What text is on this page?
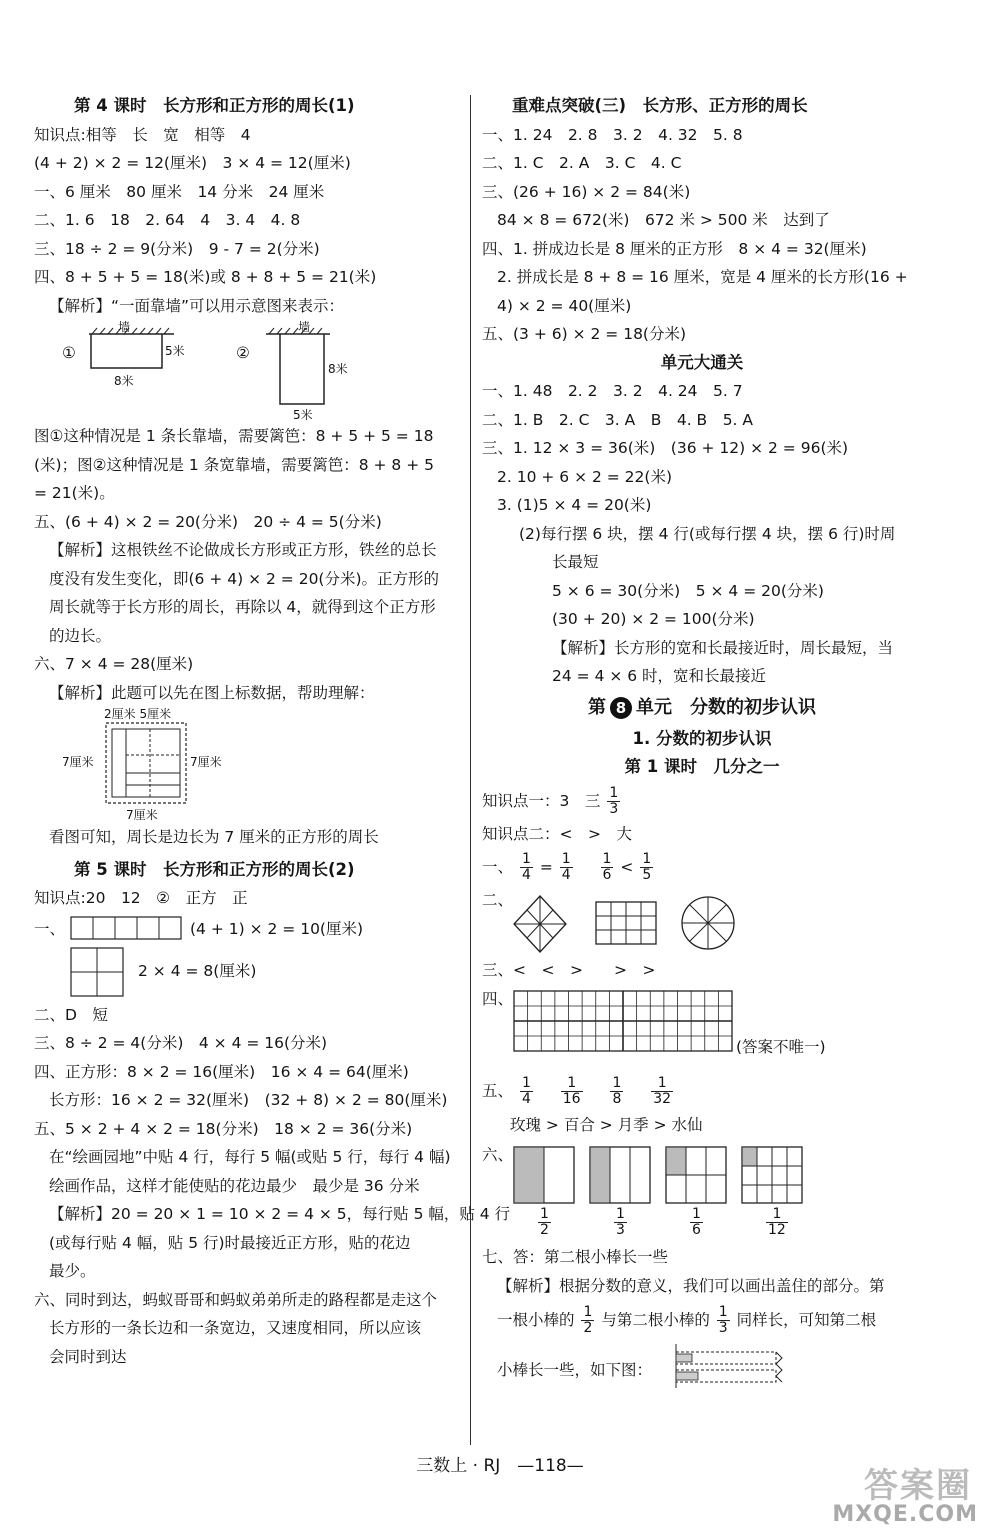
第 4 课时　长方形和正方形的周长(1)
知识点:相等　长　宽　相等　4
(4 + 2) × 2 = 12(厘米)　3 × 4 = 12(厘米)
一、6 厘米　80 厘米　14 分米　24 厘米
二、1. 6　18　2. 64　4　3. 4　4. 8
三、18 ÷ 2 = 9(分米)　9 - 7 = 2(分米)
四、8 + 5 + 5 = 18(米)或 8 + 8 + 5 = 21(米)
【解析】“一面靠墙”可以用示意图来表示：
墙	墙
①	②
5米
8米
8米
5米
图①这种情况是 1 条长靠墙，需要篱笆：8 + 5 + 5 = 18
(米)；图②这种情况是 1 条宽靠墙，需要篱笆：8 + 8 + 5
= 21(米)。
五、(6 + 4) × 2 = 20(分米)　20 ÷ 4 = 5(分米)
【解析】这根铁丝不论做成长方形或正方形，铁丝的总长
度没有发生变化，即(6 + 4) × 2 = 20(分米)。正方形的
周长就等于长方形的周长，再除以 4，就得到这个正方形
的边长。
六、7 × 4 = 28(厘米)
【解析】此题可以先在图上标数据，帮助理解：
2厘米 5厘米
7厘米	7厘米
7厘米
看图可知，周长是边长为 7 厘米的正方形的周长
第 5 课时　长方形和正方形的周长(2)
知识点:20　12　②　正方　正
一、	(4 + 1) × 2 = 10(厘米)
2 × 4 = 8(厘米)
二、D　短
三、8 ÷ 2 = 4(分米)　4 × 4 = 16(分米)
四、正方形：8 × 2 = 16(厘米)　16 × 4 = 64(厘米)
长方形：16 × 2 = 32(厘米)　(32 + 8) × 2 = 80(厘米)
五、5 × 2 + 4 × 2 = 18(分米)　18 × 2 = 36(分米)
在“绘画园地”中贴 4 行，每行 5 幅(或贴 5 行，每行 4 幅)
绘画作品，这样才能使贴的花边最少　最少是 36 分米
【解析】20 = 20 × 1 = 10 × 2 = 4 × 5，每行贴 5 幅，贴 4 行
(或每行贴 4 幅，贴 5 行)时最接近正方形，贴的花边
最少。
六、同时到达，蚂蚁哥哥和蚂蚁弟弟所走的路程都是走这个
长方形的一条长边和一条宽边，又速度相同，所以应该
会同时到达
重难点突破(三)　长方形、正方形的周长
一、1. 24　2. 8　3. 2　4. 32　5. 8
二、1. C　2. A　3. C　4. C
三、(26 + 16) × 2 = 84(米)
84 × 8 = 672(米)　672 米 > 500 米　达到了
四、1. 拼成边长是 8 厘米的正方形　8 × 4 = 32(厘米)
2. 拼成长是 8 + 8 = 16 厘米，宽是 4 厘米的长方形(16 +
4) × 2 = 40(厘米)
五、(3 + 6) × 2 = 18(分米)
单元大通关
一、1. 48　2. 2　3. 2　4. 24　5. 7
二、1. B　2. C　3. A　B　4. B　5. A
三、1. 12 × 3 = 36(米)　(36 + 12) × 2 = 96(米)
2. 10 + 6 × 2 = 22(米)
3. (1)5 × 4 = 20(米)
(2)每行摆 6 块，摆 4 行(或每行摆 4 块，摆 6 行)时周
长最短
5 × 6 = 30(分米)　5 × 4 = 20(分米)
(30 + 20) × 2 = 100(分米)
【解析】长方形的宽和长最接近时，周长最短，当
24 = 4 × 6 时，宽和长最接近
第 8 单元　分数的初步认识
1. 分数的初步认识
第 1 课时　几分之一
知识点一：3　三 $\frac{1}{3}$
知识点二：<　>　大
一、 $\frac{1}{4} = \frac{1}{4}$
$\frac{1}{6} < \frac{1}{5}$
二、
三、<　<　>　　>　>
四、
(答案不唯一)
五、 $\frac{1}{4}$
$\frac{1}{16}$
$\frac{1}{8}$
$\frac{1}{32}$
玫瑰 > 百合 > 月季 > 水仙
六、
$\frac{1}{2}$	$\frac{1}{3}$	$\frac{1}{6}$	$\frac{1}{12}$
七、答：第二根小棒长一些
【解析】根据分数的意义，我们可以画出盖住的部分。第
一根小棒的 $\frac{1}{2}$ 与第二根小棒的 $\frac{1}{3}$ 同样长，可知第二根
小棒长一些，如下图：
三数上 · RJ　—118—	答案圈
MXQE.COM
